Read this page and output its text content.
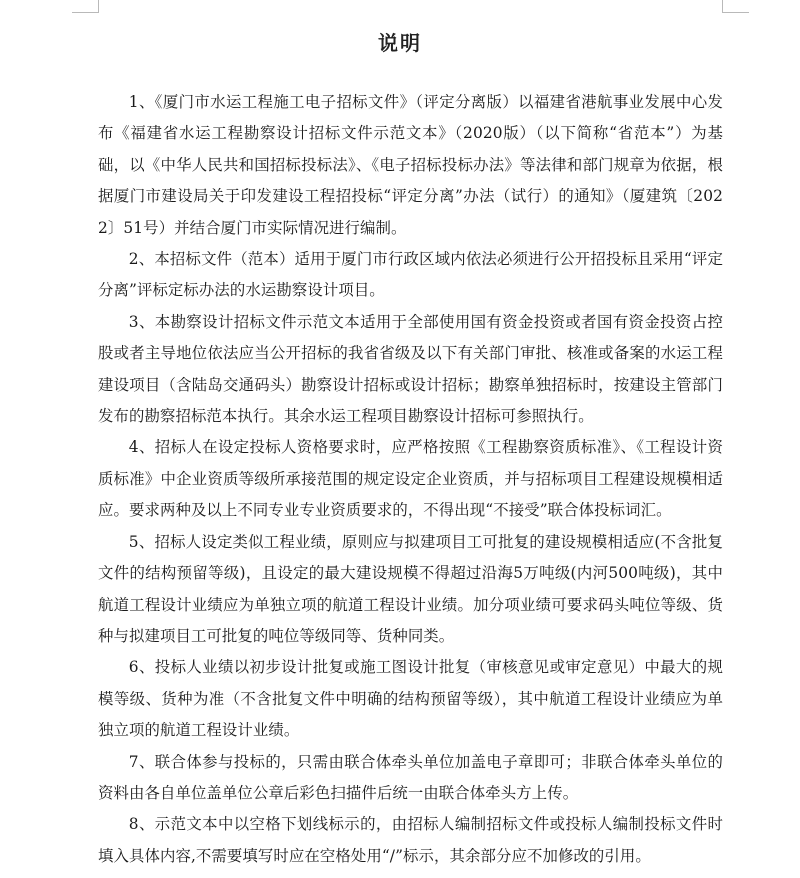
说明

1、《厦门市水运工程施工电子招标文件》（评定分离版）以福建省港航事业发展中心发布《福建省水运工程勘察设计招标文件示范文本》（2020版）（以下简称“省范本”）为基础，以《中华人民共和国招标投标法》、《电子招标投标办法》等法律和部门规章为依据，根据厦门市建设局关于印发建设工程招投标“评定分离”办法（试行）的通知》（厦建筑〔2022〕51号）并结合厦门市实际情况进行编制。

2、本招标文件（范本）适用于厦门市行政区域内依法必须进行公开招投标且采用“评定分离”评标定标办法的水运勘察设计项目。

3、本勘察设计招标文件示范文本适用于全部使用国有资金投资或者国有资金投资占控股或者主导地位依法应当公开招标的我省省级及以下有关部门审批、核准或备案的水运工程建设项目（含陆岛交通码头）勘察设计招标或设计招标；勘察单独招标时，按建设主管部门发布的勘察招标范本执行。其余水运工程项目勘察设计招标可参照执行。

4、招标人在设定投标人资格要求时，应严格按照《工程勘察资质标准》、《工程设计资质标准》中企业资质等级所承接范围的规定设定企业资质，并与招标项目工程建设规模相适应。要求两种及以上不同专业专业资质要求的，不得出现“不接受”联合体投标词汇。

5、招标人设定类似工程业绩，原则应与拟建项目工可批复的建设规模相适应(不含批复文件的结构预留等级)，且设定的最大建设规模不得超过沿海5万吨级(内河500吨级)，其中航道工程设计业绩应为单独立项的航道工程设计业绩。加分项业绩可要求码头吨位等级、货种与拟建项目工可批复的吨位等级同等、货种同类。

6、投标人业绩以初步设计批复或施工图设计批复（审核意见或审定意见）中最大的规模等级、货种为准（不含批复文件中明确的结构预留等级），其中航道工程设计业绩应为单独立项的航道工程设计业绩。

7、联合体参与投标的，只需由联合体牵头单位加盖电子章即可；非联合体牵头单位的资料由各自单位盖单位公章后彩色扫描件后统一由联合体牵头方上传。

8、示范文本中以空格下划线标示的，由招标人编制招标文件或投标人编制投标文件时填入具体内容,不需要填写时应在空格处用“/”标示，其余部分应不加修改的引用。
